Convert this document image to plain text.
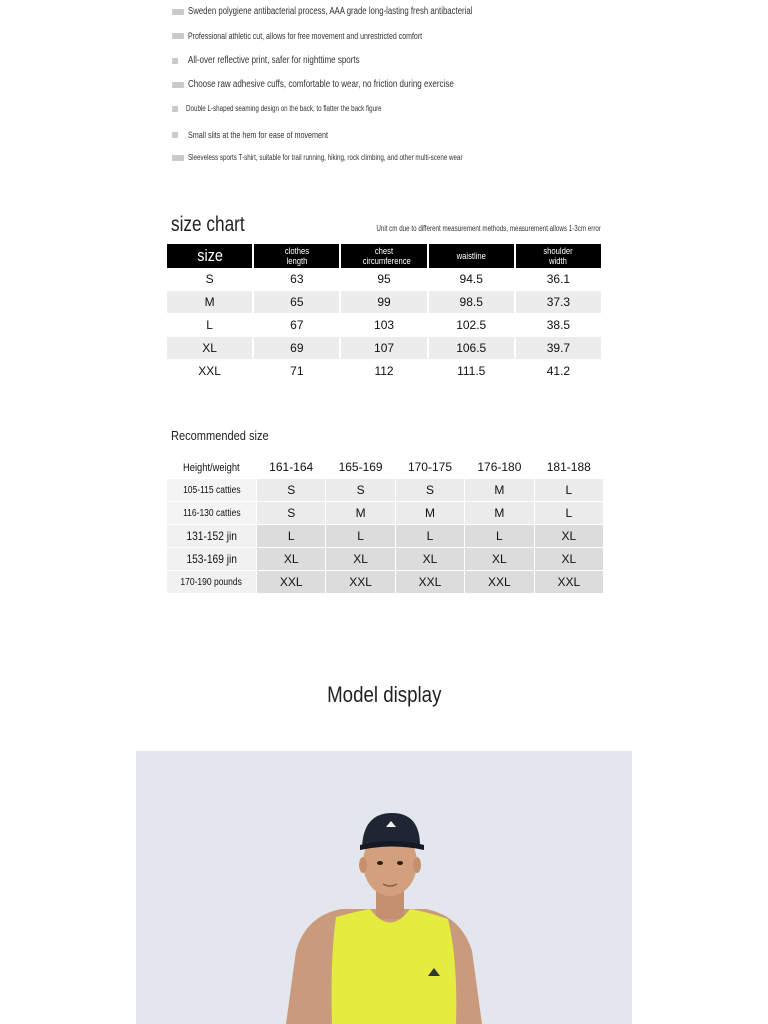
Sweden polygiene antibacterial process, AAA grade long-lasting fresh antibacterial
Professional athletic cut, allows for free movement and unrestricted comfort
All-over reflective print, safer for nighttime sports
Choose raw adhesive cuffs, comfortable to wear, no friction during exercise
Double L-shaped seaming design on the back, to flatter the back figure
Small slits at the hem for ease of movement
Sleeveless sports T-shirt, suitable for trail running, hiking, rock climbing, and other multi-scene wear
size chart	Unit cm due to different measurement methods, measurement allows 1-3cm error
size	clothes length	chest circumference	waistline	shoulder width
S	63	95	94.5	36.1
M	65	99	98.5	37.3
L	67	103	102.5	38.5
XL	69	107	106.5	39.7
XXL	71	112	111.5	41.2
Recommended size
Height/weight	161-164	165-169	170-175	176-180	181-188
105-115 catties	S	S	S	M	L
116-130 catties	S	M	M	M	L
131-152 jin	L	L	L	L	XL
153-169 jin	XL	XL	XL	XL	XL
170-190 pounds	XXL	XXL	XXL	XXL	XXL
Model display
